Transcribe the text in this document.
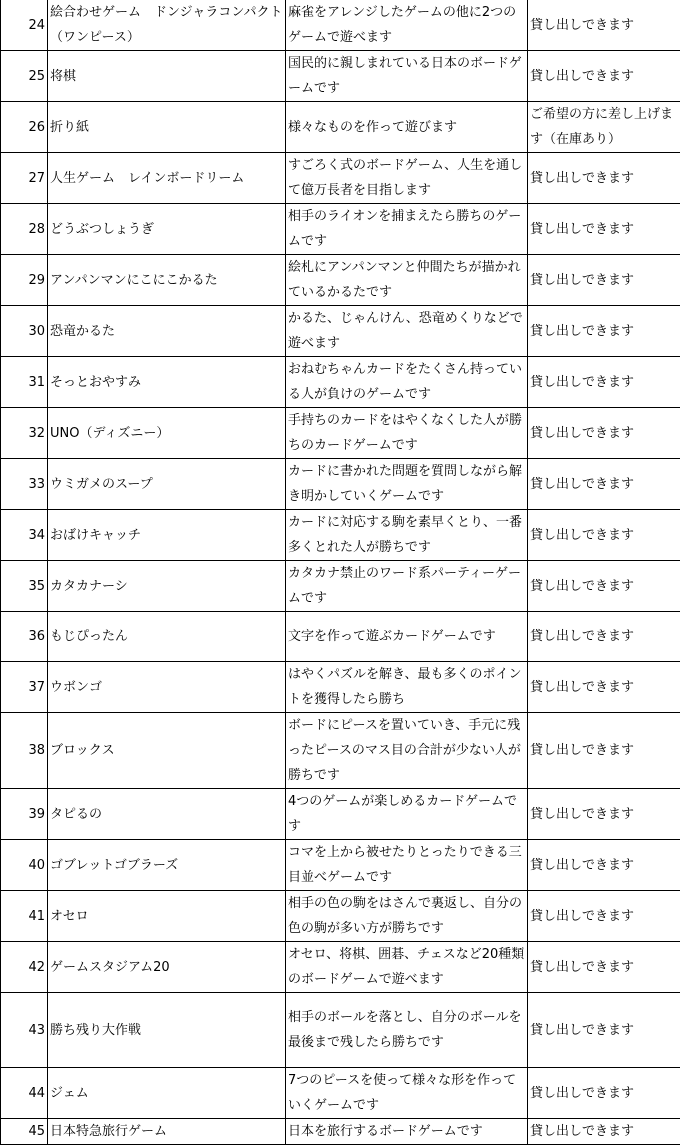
24	絵合わせゲーム　ドンジャラコンパクト（ワンピース）	麻雀をアレンジしたゲームの他に2つのゲームで遊べます	貸し出しできます
25	将棋	国民的に親しまれている日本のボードゲームです	貸し出しできます
26	折り紙	様々なものを作って遊びます	ご希望の方に差し上げます（在庫あり）
27	人生ゲーム　レインボードリーム	すごろく式のボードゲーム、人生を通して億万長者を目指します	貸し出しできます
28	どうぶつしょうぎ	相手のライオンを捕まえたら勝ちのゲームです	貸し出しできます
29	アンパンマンにこにこかるた	絵札にアンパンマンと仲間たちが描かれているかるたです	貸し出しできます
30	恐竜かるた	かるた、じゃんけん、恐竜めくりなどで遊べます	貸し出しできます
31	そっとおやすみ	おねむちゃんカードをたくさん持っている人が負けのゲームです	貸し出しできます
32	UNO（ディズニー）	手持ちのカードをはやくなくした人が勝ちのカードゲームです	貸し出しできます
33	ウミガメのスープ	カードに書かれた問題を質問しながら解き明かしていくゲームです	貸し出しできます
34	おばけキャッチ	カードに対応する駒を素早くとり、一番多くとれた人が勝ちです	貸し出しできます
35	カタカナーシ	カタカナ禁止のワード系パーティーゲームです	貸し出しできます
36	もじぴったん	文字を作って遊ぶカードゲームです	貸し出しできます
37	ウボンゴ	はやくパズルを解き、最も多くのポイントを獲得したら勝ち	貸し出しできます
38	ブロックス	ボードにピースを置いていき、手元に残ったピースのマス目の合計が少ない人が勝ちです	貸し出しできます
39	タピるの	4つのゲームが楽しめるカードゲームです	貸し出しできます
40	ゴブレットゴブラーズ	コマを上から被せたりとったりできる三目並べゲームです	貸し出しできます
41	オセロ	相手の色の駒をはさんで裏返し、自分の色の駒が多い方が勝ちです	貸し出しできます
42	ゲームスタジアム20	オセロ、将棋、囲碁、チェスなど20種類のボードゲームで遊べます	貸し出しできます
43	勝ち残り大作戦	相手のボールを落とし、自分のボールを最後まで残したら勝ちです	貸し出しできます
44	ジェム	7つのピースを使って様々な形を作っていくゲームです	貸し出しできます
45	日本特急旅行ゲーム	日本を旅行するボードゲームです	貸し出しできます
